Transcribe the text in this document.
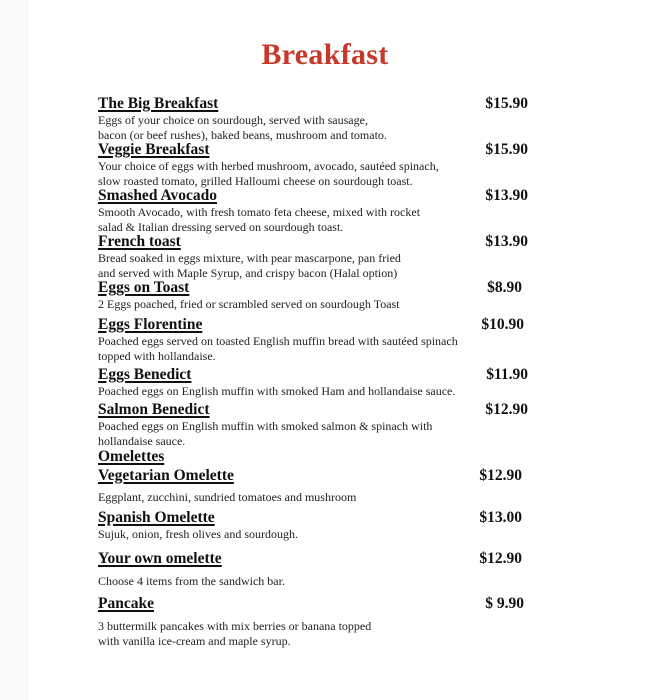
Breakfast
The Big Breakfast	$15.90
Eggs of your choice on sourdough, served with sausage,
bacon (or beef rushes), baked beans, mushroom and tomato.
Veggie Breakfast	$15.90
Your choice of eggs with herbed mushroom, avocado, sautéed spinach,
slow roasted tomato, grilled Halloumi cheese on sourdough toast.
Smashed Avocado	$13.90
Smooth Avocado, with fresh tomato feta cheese, mixed with rocket
salad & Italian dressing served on sourdough toast.
French toast	$13.90
Bread soaked in eggs mixture, with pear mascarpone, pan fried
and served with Maple Syrup, and crispy bacon (Halal option)
Eggs on Toast	$8.90
2 Eggs poached, fried or scrambled served on sourdough Toast
Eggs Florentine	$10.90
Poached eggs served on toasted English muffin bread with sautéed spinach
topped with hollandaise.
Eggs Benedict	$11.90
Poached eggs on English muffin with smoked Ham and hollandaise sauce.
Salmon Benedict	$12.90
Poached eggs on English muffin with smoked salmon & spinach with
hollandaise sauce.
Omelettes
Vegetarian Omelette	$12.90
Eggplant, zucchini, sundried tomatoes and mushroom
Spanish Omelette	$13.00
Sujuk, onion, fresh olives and sourdough.
Your own omelette	$12.90
Choose 4 items from the sandwich bar.
Pancake	$ 9.90
3 buttermilk pancakes with mix berries or banana topped
with vanilla ice-cream and maple syrup.
